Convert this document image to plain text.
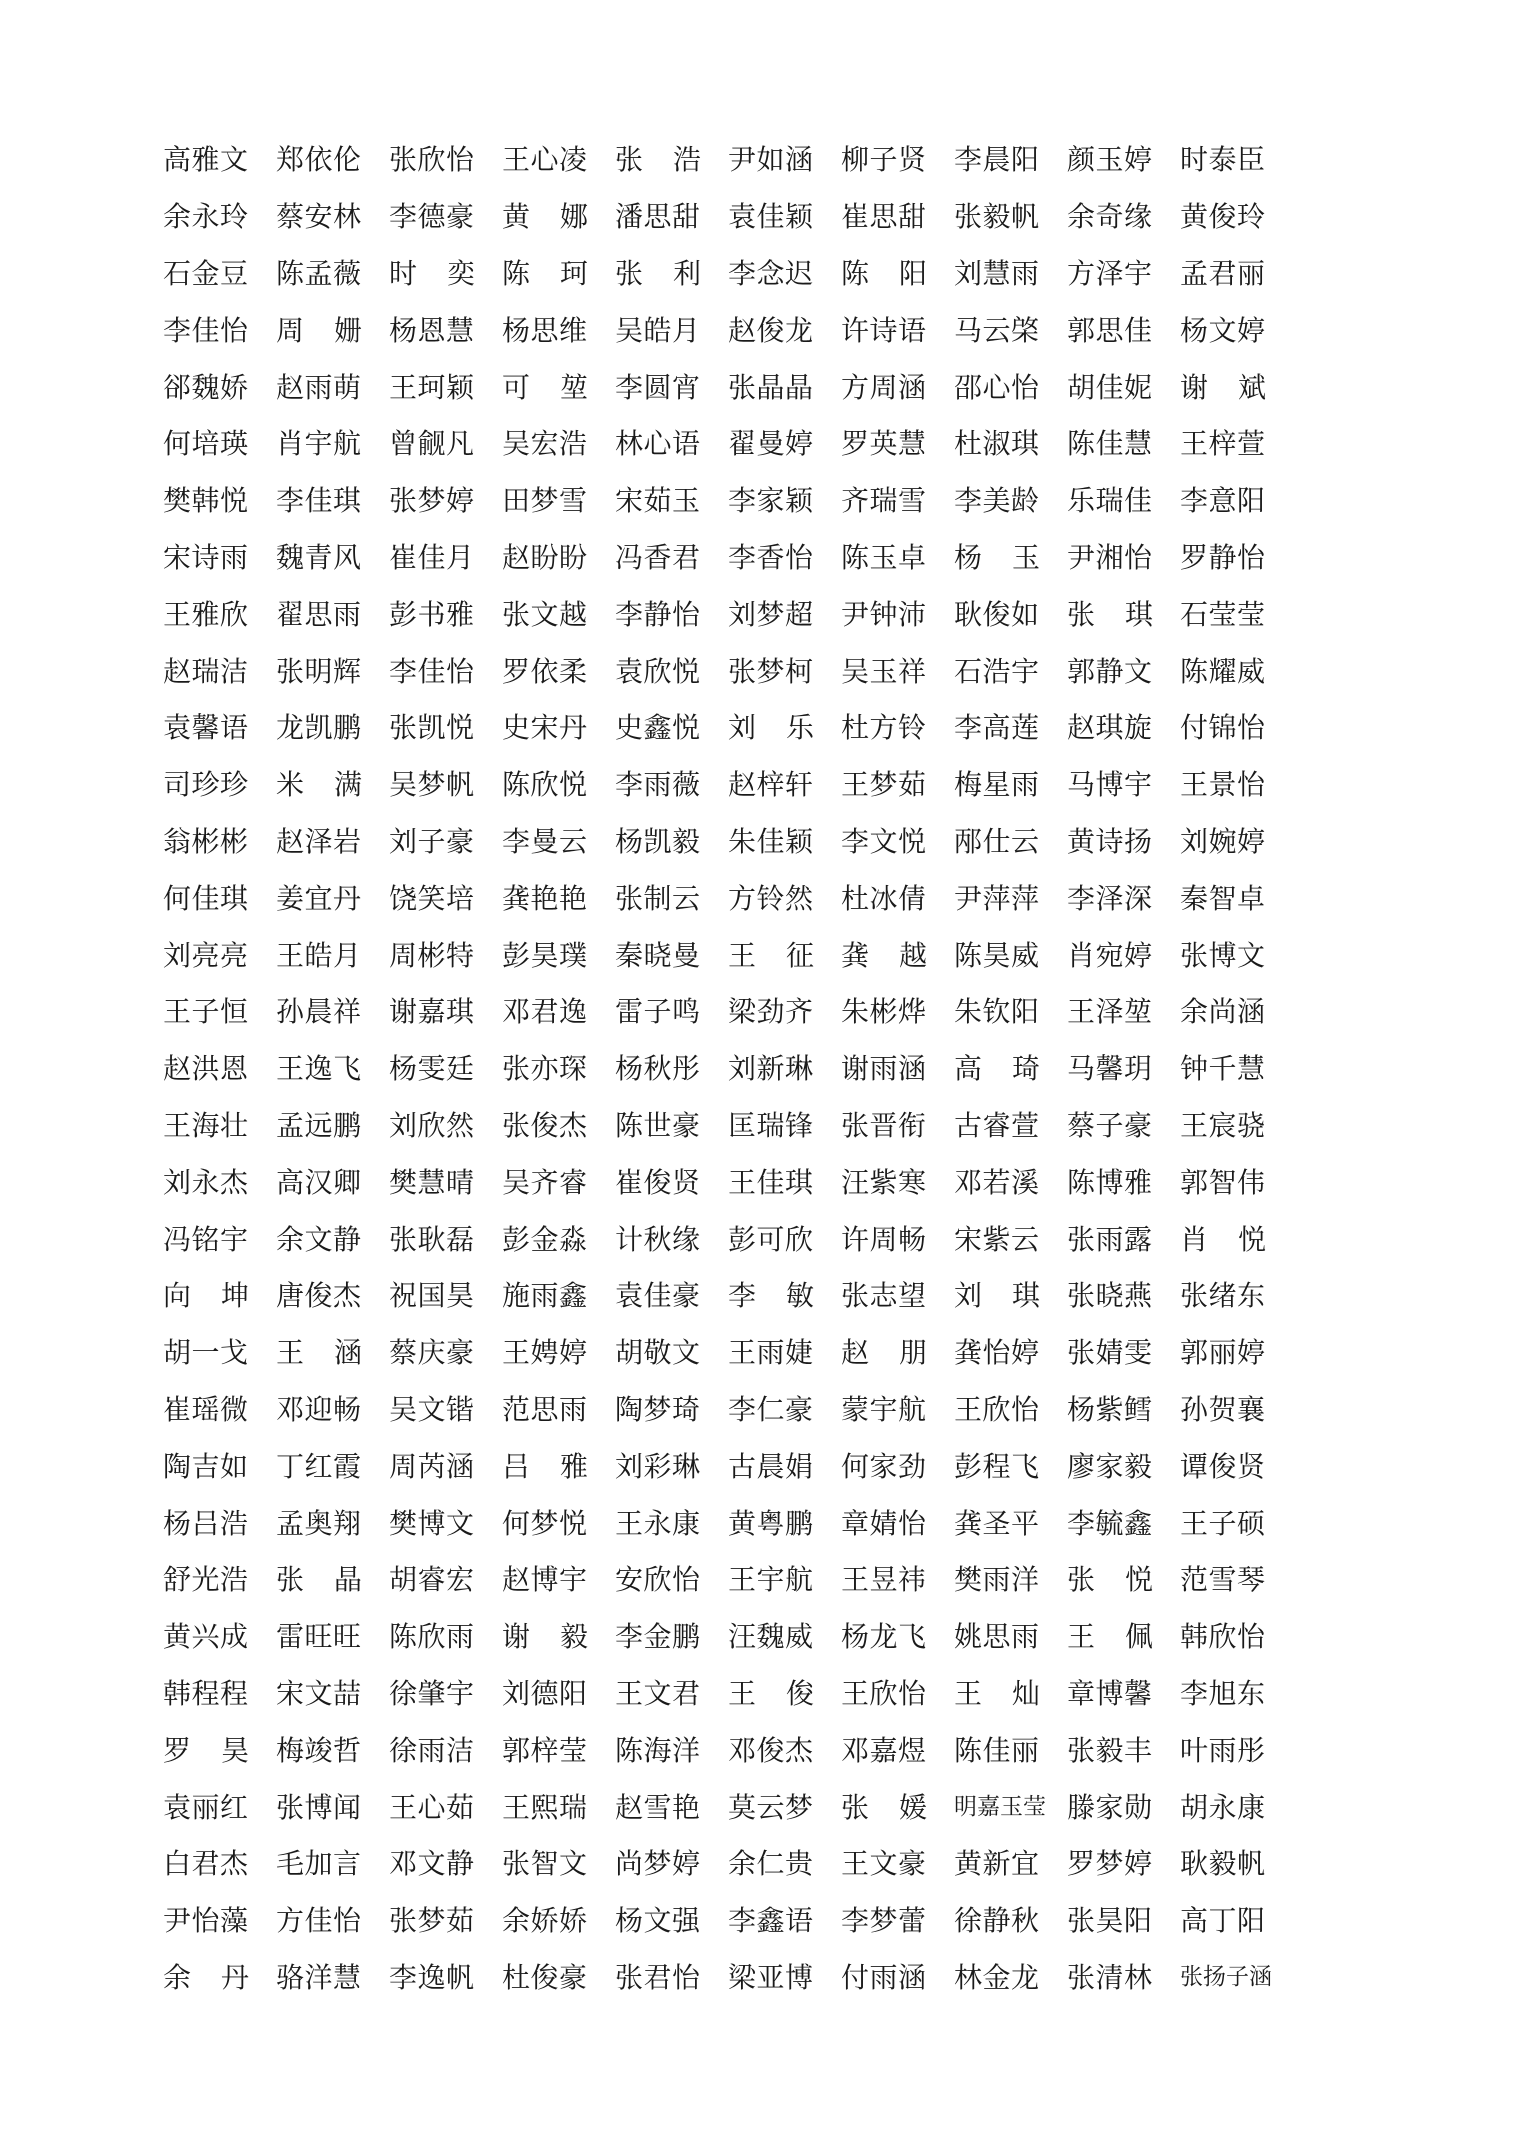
高雅文 郑依伦 张欣怡 王心凌 张浩
尹如涵 柳子贤 李晨阳 颜玉婷 时泰臣
余永玲 蔡安林 李德豪 黄娜
潘思甜 袁佳颖 崔思甜 张毅帆 余奇缘 黄俊玲
石金豆 陈孟薇 时奕
陈珂
张利
李念迟 陈阳
刘慧雨 方泽宇 孟君丽
李佳怡 周姗
杨恩慧 杨思维 吴皓月 赵俊龙 许诗语 马云棨 郭思佳 杨文婷
郤魏娇 赵雨萌 王珂颖 可堃
李圆宵 张晶晶 方周涵 邵心怡 胡佳妮 谢斌
何培瑛 肖宇航 曾觎凡 吴宏浩 林心语 翟曼婷 罗英慧 杜淑琪 陈佳慧 王梓萱
樊韩悦 李佳琪 张梦婷 田梦雪 宋茹玉 李家颖 齐瑞雪 李美龄 乐瑞佳 李意阳
宋诗雨 魏青风 崔佳月 赵盼盼 冯香君 李香怡 陈玉卓 杨玉
尹湘怡 罗静怡
王雅欣 翟思雨 彭书雅 张文越 李静怡 刘梦超 尹钟沛 耿俊如 张琪
石莹莹
赵瑞洁 张明辉 李佳怡 罗依柔 袁欣悦 张梦柯 吴玉祥 石浩宇 郭静文 陈耀威
袁馨语 龙凯鹏 张凯悦 史宋丹 史鑫悦 刘乐
杜方铃 李高莲 赵琪旋 付锦怡
司珍珍 米满
吴梦帆 陈欣悦 李雨薇 赵梓轩 王梦茹 梅星雨 马博宇 王景怡
翁彬彬 赵泽岩 刘子豪 李曼云 杨凯毅 朱佳颖 李文悦 邴仕云 黄诗扬 刘婉婷
何佳琪 姜宜丹 饶笑培 龚艳艳 张制云 方铃然 杜冰倩 尹萍萍 李泽深 秦智卓
刘亮亮 王皓月 周彬特 彭昊璞 秦晓曼 王征
龚越
陈昊威 肖宛婷 张博文
王子恒 孙晨祥 谢嘉琪 邓君逸 雷子鸣 梁劲齐 朱彬烨 朱钦阳 王泽堃 余尚涵
赵洪恩 王逸飞 杨雯廷 张亦琛 杨秋彤 刘新琳 谢雨涵 高琦
马馨玥 钟千慧
王海壮 孟远鹏 刘欣然 张俊杰 陈世豪 匡瑞锋 张晋衔 古睿萱 蔡子豪 王宸骁
刘永杰 高汉卿 樊慧晴 吴齐睿 崔俊贤 王佳琪 汪紫寒 邓若溪 陈博雅 郭智伟
冯铭宇 余文静 张耿磊 彭金淼 计秋缘 彭可欣 许周畅 宋紫云 张雨露 肖悦
向坤
唐俊杰 祝国昊 施雨鑫 袁佳豪 李敏
张志望 刘琪
张晓燕 张绪东
胡一戈 王涵
蔡庆豪 王娉婷 胡敬文 王雨婕 赵朋
龚怡婷 张婧雯 郭丽婷
崔瑶微 邓迎畅 吴文锴 范思雨 陶梦琦 李仁豪 蒙宇航 王欣怡 杨紫鳕 孙贺襄
陶吉如 丁红霞 周芮涵 吕雅
刘彩琳 古晨娟 何家劲 彭程飞 廖家毅 谭俊贤
杨吕浩 孟奥翔 樊博文 何梦悦 王永康 黄粤鹏 章婧怡 龚圣平 李毓鑫 王子硕
舒光浩 张晶
胡睿宏 赵博宇 安欣怡 王宇航 王昱祎 樊雨洋 张悦
范雪琴
黄兴成 雷旺旺 陈欣雨 谢毅
李金鹏 汪魏威 杨龙飞 姚思雨 王佩
韩欣怡
韩程程 宋文喆 徐肇宇 刘德阳 王文君 王俊
王欣怡 王灿
章博馨 李旭东
罗昊
梅竣哲 徐雨洁 郭梓莹 陈海洋 邓俊杰 邓嘉煜 陈佳丽 张毅丰 叶雨彤
袁丽红 张博闻 王心茹 王熙瑞 赵雪艳 莫云梦 张媛
明嘉玉莹 滕家勋 胡永康
白君杰 毛加言 邓文静 张智文 尚梦婷 余仁贵 王文豪 黄新宜 罗梦婷 耿毅帆
尹怡藻 方佳怡 张梦茹 余娇娇 杨文强 李鑫语 李梦蕾 徐静秋 张昊阳 高丁阳
余丹
骆洋慧 李逸帆 杜俊豪 张君怡 梁亚博 付雨涵 林金龙 张清林	张扬子涵
